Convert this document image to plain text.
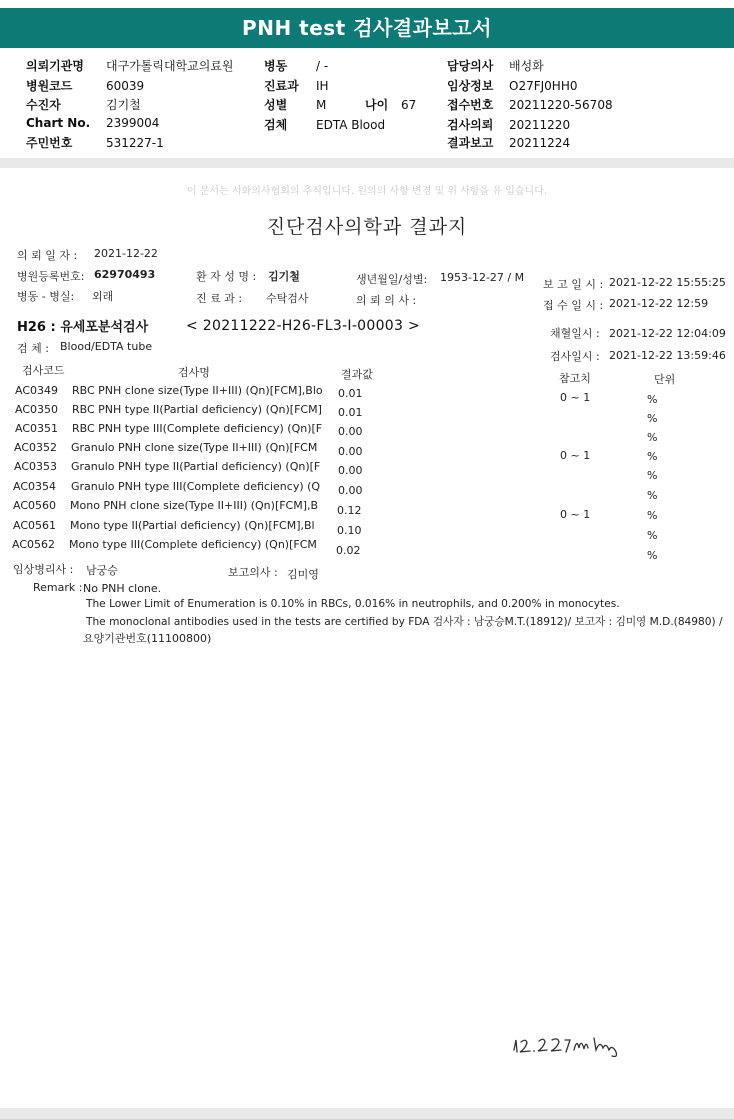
PNH test 검사결과보고서
의뢰기관명 대구가톨릭대학교의료원
병원코드	60039
수진자	김기철
Chart No. 2399004
주민번호	531227-1
병동 / -
진료과 IH
성별 M	나이 67
검체 EDTA Blood
담당의사 배성화
임상정보 O27FJ0HH0
접수번호 20211220-56708
검사의뢰 20211220
결과보고 20211224
이 문서는 서화의사협회의 추식입니다. 원의의 사항 변경 및 위 사항을 유 입습니다.
진단검사의학과 결과지
의 뢰 일 자 : 2021-12-22
병원등록번호: 62970493	환 자 성 명 : 김기철	생년월일/성별: 1953-12-27 / M
보 고 일 시 : 2021-12-22 15:55:25
병동 - 병실: 외래	진 료 과 : 수탁검사	의 뢰 의 사 :	접 수 일 시 : 2021-12-22 12:59
H26 : 유세포분석검사	< 20211222-H26-FL3-I-00003 >	채혈일시 : 2021-12-22 12:04:09
검 체 : Blood/EDTA tube
검사일시 : 2021-12-22 13:59:46
검사코드	검사명	결과값	참고치	단위
AC0349 RBC PNH clone size(Type II+III) (Qn)[FCM],Blo 0.01	0 ~ 1	%
AC0350 RBC PNH type II(Partial deficiency) (Qn)[FCM] 0.01	%
AC0351 RBC PNH type III(Complete deficiency) (Qn)[F 0.00	%
AC0352 Granulo PNH clone size(Type II+III) (Qn)[FCM 0.00	0 ~ 1	%
AC0353 Granulo PNH type II(Partial deficiency) (Qn)[F 0.00	%
AC0354 Granulo PNH type III(Complete deficiency) (Q 0.00	%
AC0560 Mono PNH clone size(Type II+III) (Qn)[FCM],B 0.12	0 ~ 1	%
AC0561 Mono type II(Partial deficiency) (Qn)[FCM],Bl 0.10	%
AC0562 Mono type III(Complete deficiency) (Qn)[FCM 0.02	%
임상병리사 : 남궁승	보고의사 : 김미영
Remark : No PNH clone.
The Lower Limit of Enumeration is 0.10% in RBCs, 0.016% in neutrophils, and 0.200% in monocytes.
The monoclonal antibodies used in the tests are certified by FDA 검사자 : 남궁승M.T.(18912)/ 보고자 : 김미영 M.D.(84980) /
요양기관번호(11100800)
